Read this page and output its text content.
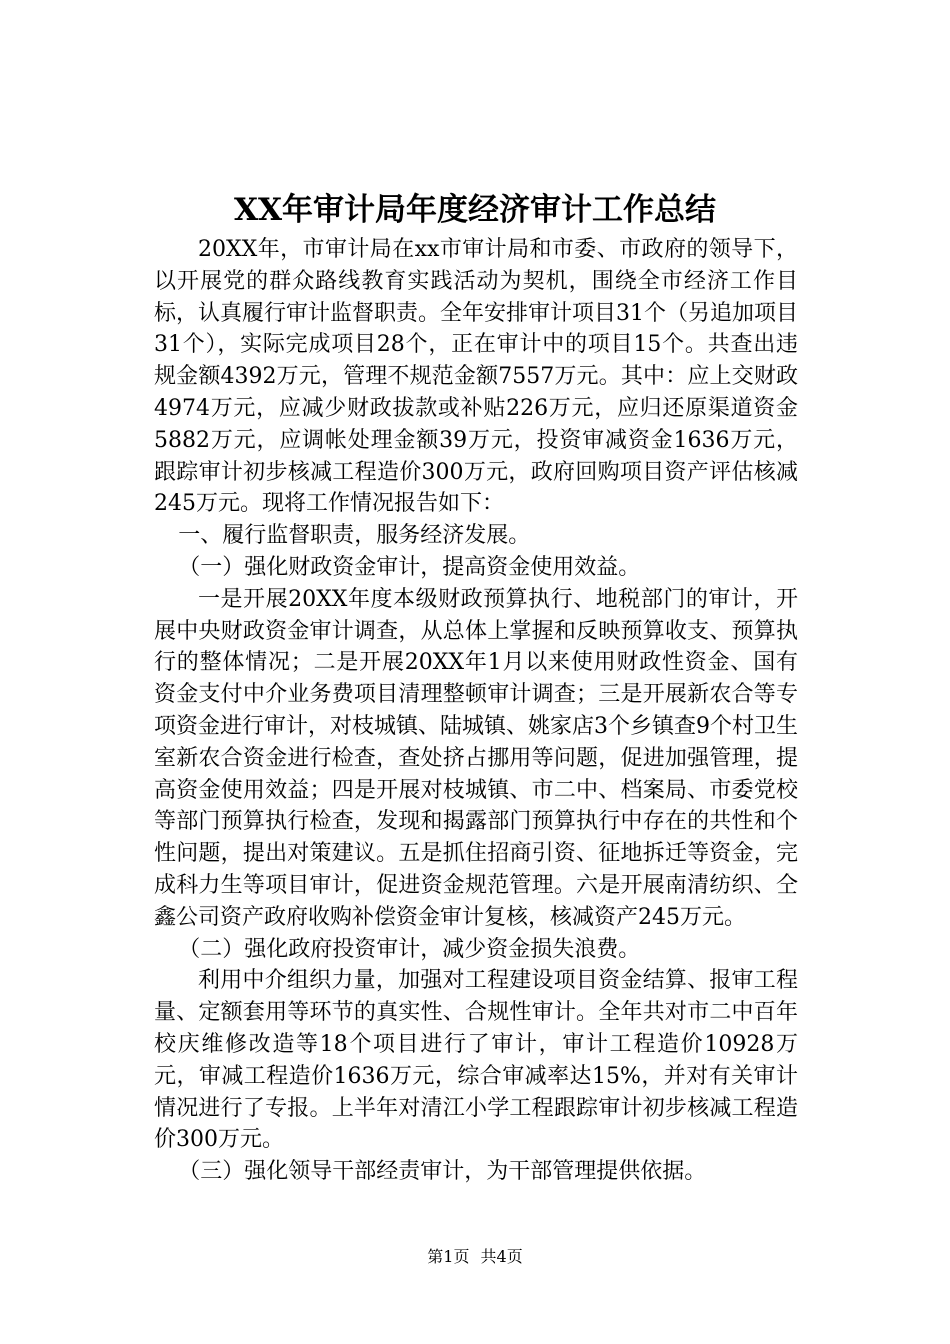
XX年审计局年度经济审计工作总结

20XX年，市审计局在xx市审计局和市委、市政府的领导下，以开展党的群众路线教育实践活动为契机，围绕全市经济工作目标，认真履行审计监督职责。全年安排审计项目31个（另追加项目31个），实际完成项目28个，正在审计中的项目15个。共查出违规金额4392万元，管理不规范金额7557万元。其中：应上交财政4974万元，应减少财政拔款或补贴226万元，应归还原渠道资金5882万元，应调帐处理金额39万元，投资审减资金1636万元，跟踪审计初步核减工程造价300万元，政府回购项目资产评估核减245万元。现将工作情况报告如下：

一、履行监督职责，服务经济发展。

（一）强化财政资金审计，提高资金使用效益。

一是开展20XX年度本级财政预算执行、地税部门的审计，开展中央财政资金审计调查，从总体上掌握和反映预算收支、预算执行的整体情况；二是开展20XX年1月以来使用财政性资金、国有资金支付中介业务费项目清理整顿审计调查；三是开展新农合等专项资金进行审计，对枝城镇、陆城镇、姚家店3个乡镇查9个村卫生室新农合资金进行检查，查处挤占挪用等问题，促进加强管理，提高资金使用效益；四是开展对枝城镇、市二中、档案局、市委党校等部门预算执行检查，发现和揭露部门预算执行中存在的共性和个性问题，提出对策建议。五是抓住招商引资、征地拆迁等资金，完成科力生等项目审计，促进资金规范管理。六是开展南清纺织、仝鑫公司资产政府收购补偿资金审计复核，核减资产245万元。

（二）强化政府投资审计，减少资金损失浪费。

利用中介组织力量，加强对工程建设项目资金结算、报审工程量、定额套用等环节的真实性、合规性审计。全年共对市二中百年校庆维修改造等18个项目进行了审计，审计工程造价10928万元，审减工程造价1636万元，综合审减率达15%，并对有关审计情况进行了专报。上半年对清江小学工程跟踪审计初步核减工程造价300万元。

（三）强化领导干部经责审计，为干部管理提供依据。

第1页 共4页
